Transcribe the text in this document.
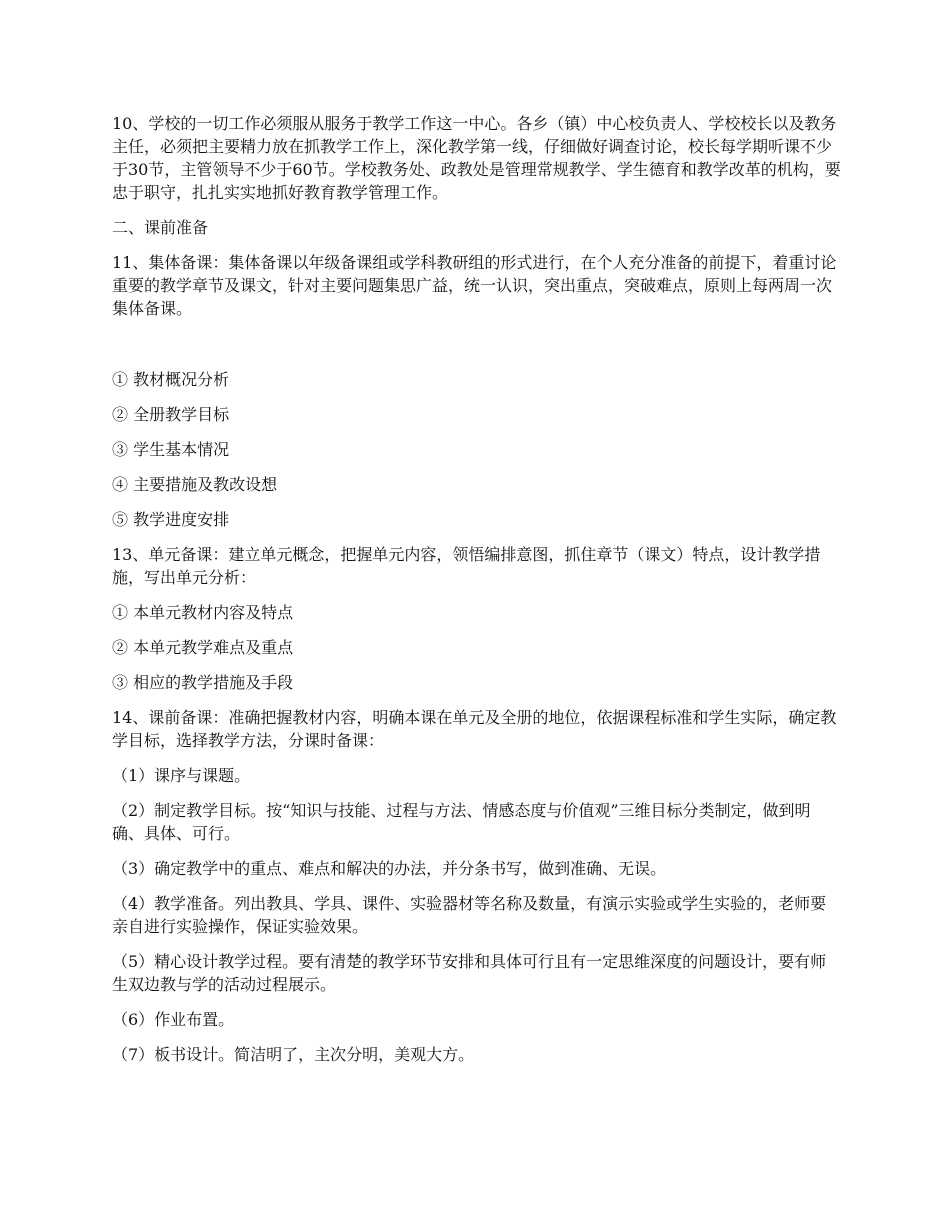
10、学校的一切工作必须服从服务于教学工作这一中心。各乡（镇）中心校负责人、学校校长以及教务主任，必须把主要精力放在抓教学工作上，深化教学第一线，仔细做好调查讨论，校长每学期听课不少于30节，主管领导不少于60节。学校教务处、政教处是管理常规教学、学生德育和教学改革的机构，要忠于职守，扎扎实实地抓好教育教学管理工作。

二、课前准备

11、集体备课：集体备课以年级备课组或学科教研组的形式进行，在个人充分准备的前提下，着重讨论重要的教学章节及课文，针对主要问题集思广益，统一认识，突出重点，突破难点，原则上每两周一次集体备课。

① 教材概况分析

② 全册教学目标

③ 学生基本情况

④ 主要措施及教改设想

⑤ 教学进度安排

13、单元备课：建立单元概念，把握单元内容，领悟编排意图，抓住章节（课文）特点，设计教学措施，写出单元分析：

① 本单元教材内容及特点

② 本单元教学难点及重点

③ 相应的教学措施及手段

14、课前备课：准确把握教材内容，明确本课在单元及全册的地位，依据课程标准和学生实际，确定教学目标，选择教学方法，分课时备课：

（1）课序与课题。

（2）制定教学目标。按“知识与技能、过程与方法、情感态度与价值观”三维目标分类制定，做到明确、具体、可行。

（3）确定教学中的重点、难点和解决的办法，并分条书写，做到准确、无误。

（4）教学准备。列出教具、学具、课件、实验器材等名称及数量，有演示实验或学生实验的，老师要亲自进行实验操作，保证实验效果。

（5）精心设计教学过程。要有清楚的教学环节安排和具体可行且有一定思维深度的问题设计，要有师生双边教与学的活动过程展示。

（6）作业布置。

（7）板书设计。简洁明了，主次分明，美观大方。
